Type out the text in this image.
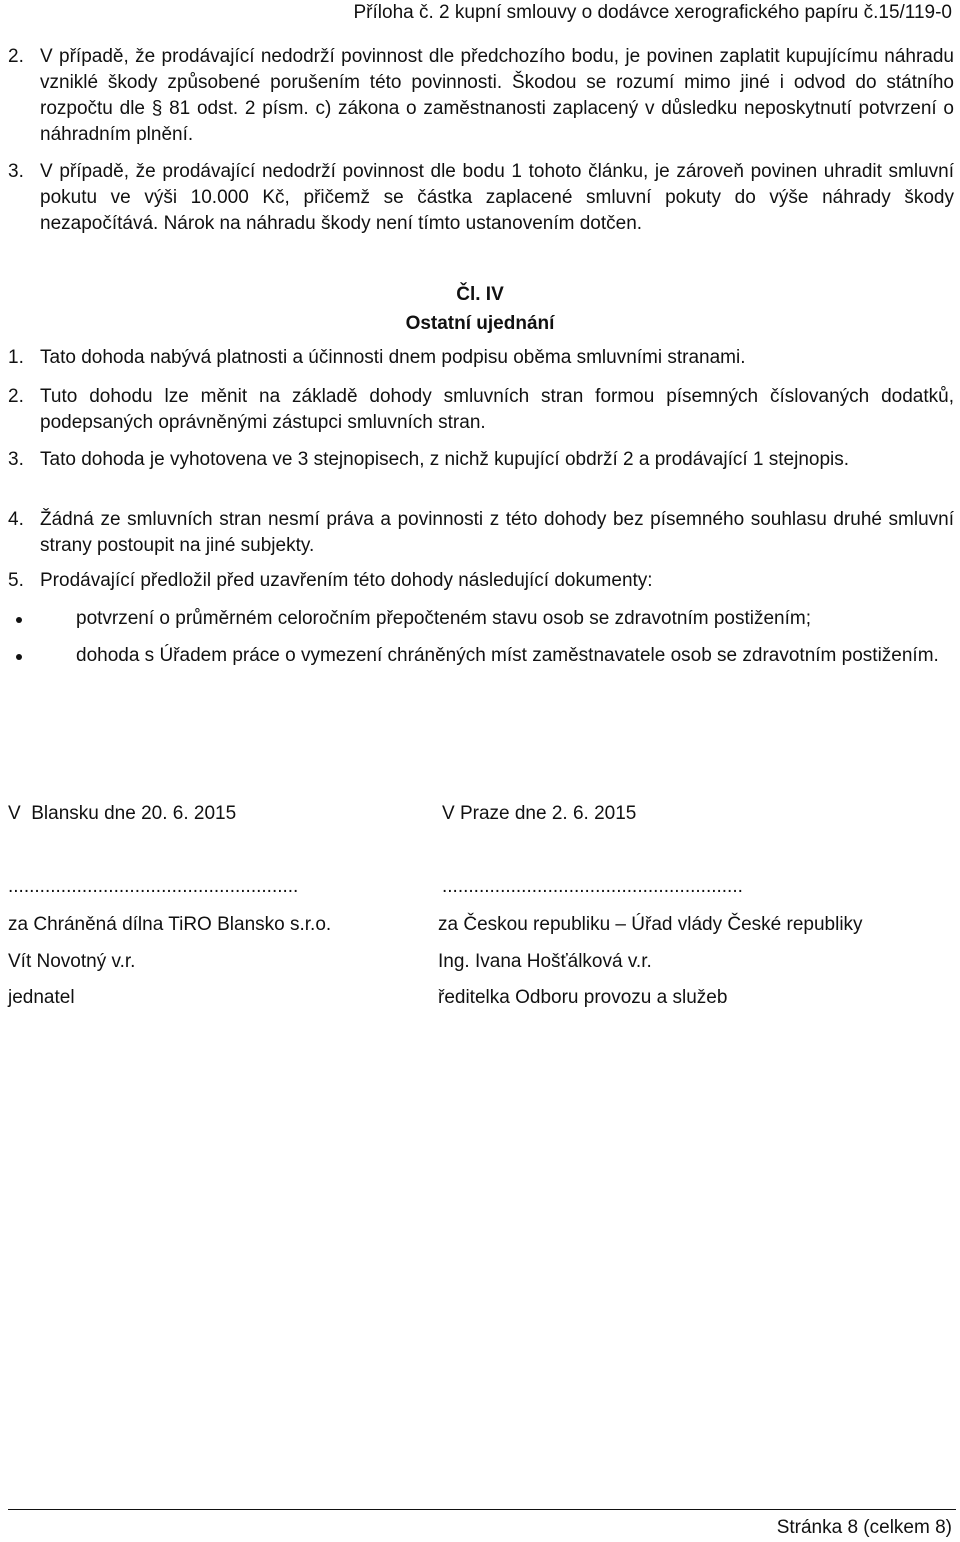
Příloha č. 2 kupní smlouvy o dodávce xerografického papíru č.15/119-0
2. V případě, že prodávající nedodrží povinnost dle předchozího bodu, je povinen zaplatit kupujícímu náhradu vzniklé škody způsobené porušením této povinnosti. Škodou se rozumí mimo jiné i odvod do státního rozpočtu dle § 81 odst. 2 písm. c) zákona o zaměstnanosti zaplacený v důsledku neposkytnutí potvrzení o náhradním plnění.
3. V případě, že prodávající nedodrží povinnost dle bodu 1 tohoto článku, je zároveň povinen uhradit smluvní pokutu ve výši 10.000 Kč, přičemž se částka zaplacené smluvní pokuty do výše náhrady škody nezapočítává. Nárok na náhradu škody není tímto ustanovením dotčen.
Čl. IV
Ostatní ujednání
1. Tato dohoda nabývá platnosti a účinnosti dnem podpisu oběma smluvními stranami.
2. Tuto dohodu lze měnit na základě dohody smluvních stran formou písemných číslovaných dodatků, podepsaných oprávněnými zástupci smluvních stran.
3. Tato dohoda je vyhotovena ve 3 stejnopisech, z nichž kupující obdrží 2 a prodávající 1 stejnopis.
4. Žádná ze smluvních stran nesmí práva a povinnosti z této dohody bez písemného souhlasu druhé smluvní strany postoupit na jiné subjekty.
5. Prodávající předložil před uzavřením této dohody následující dokumenty:
potvrzení o průměrném celoročním přepočteném stavu osob se zdravotním postižením;
dohoda s Úřadem práce o vymezení chráněných míst zaměstnavatele osob se zdravotním postižením.
V  Blansku dne 20. 6. 2015
.......................................................
za Chráněná dílna TiRO Blansko s.r.o.
Vít Novotný v.r.
jednatel
V Praze dne 2. 6. 2015
.........................................................
za Českou republiku – Úřad vlády České republiky
Ing. Ivana Hošťálková v.r.
ředitelka Odboru provozu a služeb
Stránka 8 (celkem 8)
